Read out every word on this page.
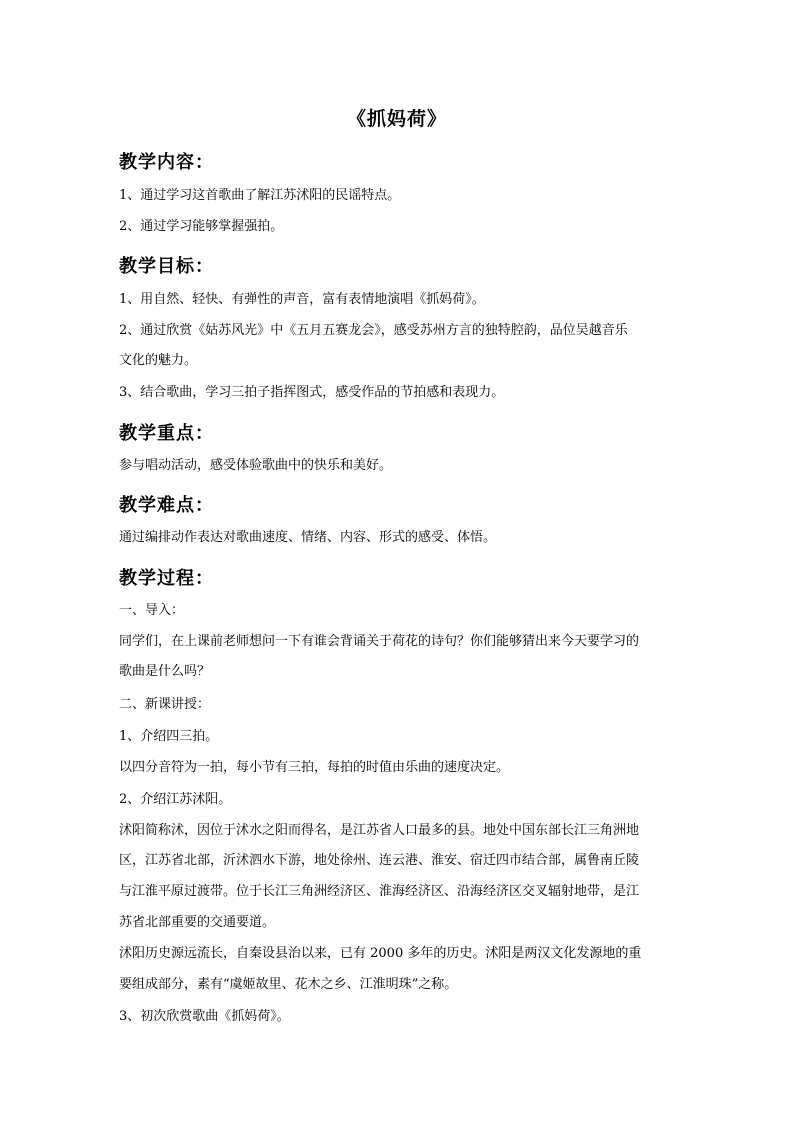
《抓妈荷》
教学内容：
1、通过学习这首歌曲了解江苏沭阳的民谣特点。
2、通过学习能够掌握强拍。
教学目标：
1、用自然、轻快、有弹性的声音，富有表情地演唱《抓妈荷》。
2、通过欣赏《姑苏风光》中《五月五赛龙会》，感受苏州方言的独特腔韵，品位吴越音乐
文化的魅力。
3、结合歌曲，学习三拍子指挥图式，感受作品的节拍感和表现力。
教学重点：
参与唱动活动，感受体验歌曲中的快乐和美好。
教学难点：
通过编排动作表达对歌曲速度、情绪、内容、形式的感受、体悟。
教学过程：
一、导入：
同学们，在上课前老师想问一下有谁会背诵关于荷花的诗句？你们能够猜出来今天要学习的
歌曲是什么吗？
二、新课讲授：
1、介绍四三拍。
以四分音符为一拍，每小节有三拍，每拍的时值由乐曲的速度决定。
2、介绍江苏沭阳。
沭阳简称沭，因位于沭水之阳而得名，是江苏省人口最多的县。地处中国东部长江三角洲地
区，江苏省北部，沂沭泗水下游，地处徐州、连云港、淮安、宿迁四市结合部，属鲁南丘陵
与江淮平原过渡带。位于长江三角洲经济区、淮海经济区、沿海经济区交叉辐射地带，是江
苏省北部重要的交通要道。
沭阳历史源远流长，自秦设县治以来，已有 2000 多年的历史。沭阳是两汉文化发源地的重
要组成部分，素有“虞姬故里、花木之乡、江淮明珠”之称。
3、初次欣赏歌曲《抓妈荷》。
